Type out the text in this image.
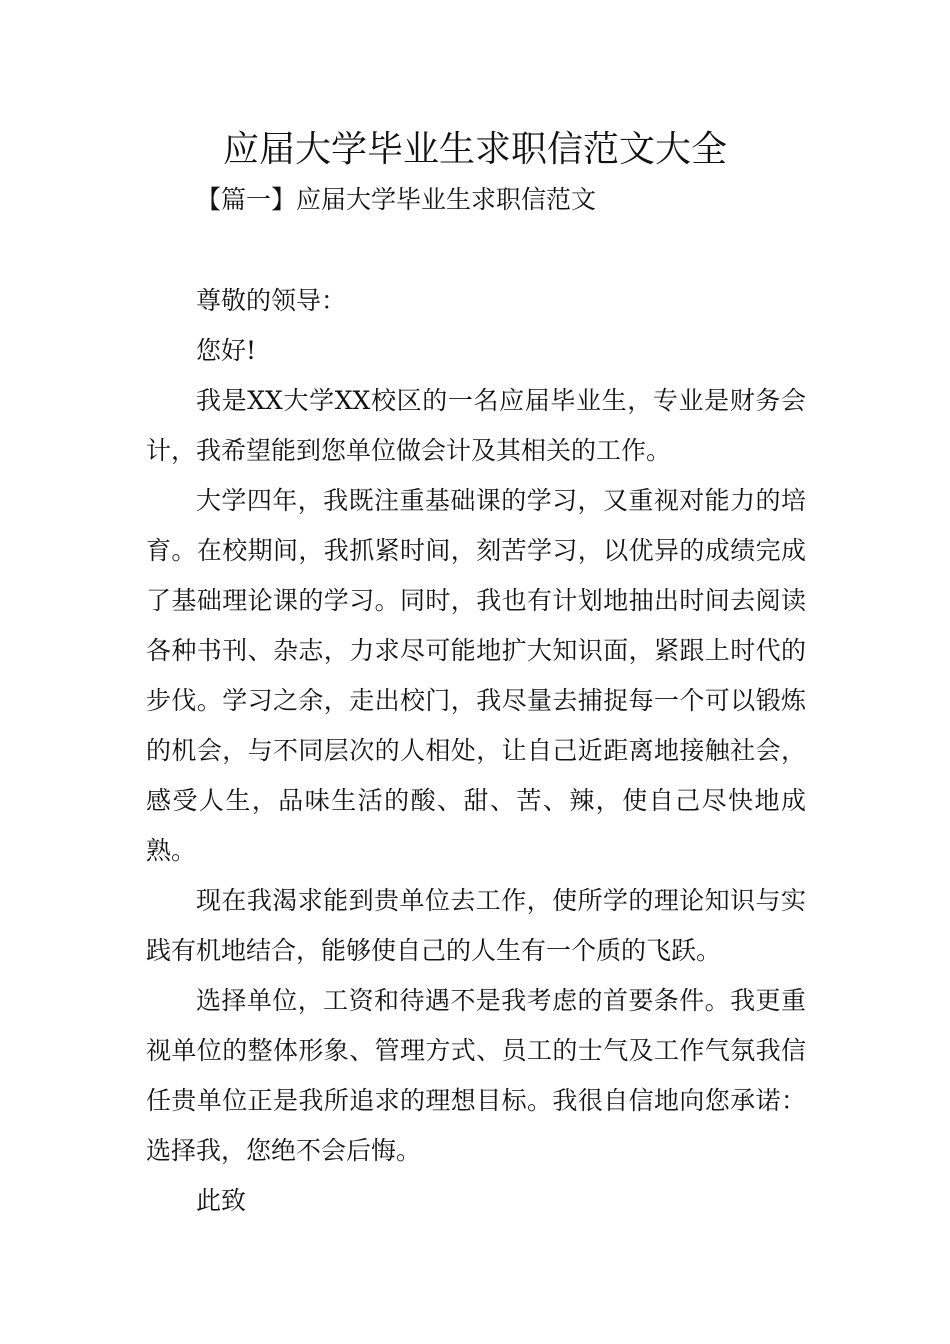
应届大学毕业生求职信范文大全

【篇一】应届大学毕业生求职信范文

尊敬的领导：

您好!

我是XX大学XX校区的一名应届毕业生，专业是财务会计，我希望能到您单位做会计及其相关的工作。

大学四年，我既注重基础课的学习，又重视对能力的培育。在校期间，我抓紧时间，刻苦学习，以优异的成绩完成了基础理论课的学习。同时，我也有计划地抽出时间去阅读各种书刊、杂志，力求尽可能地扩大知识面，紧跟上时代的步伐。学习之余，走出校门，我尽量去捕捉每一个可以锻炼的机会，与不同层次的人相处，让自己近距离地接触社会，感受人生，品味生活的酸、甜、苦、辣，使自己尽快地成熟。

现在我渴求能到贵单位去工作，使所学的理论知识与实践有机地结合，能够使自己的人生有一个质的飞跃。

选择单位，工资和待遇不是我考虑的首要条件。我更重视单位的整体形象、管理方式、员工的士气及工作气氛我信任贵单位正是我所追求的理想目标。我很自信地向您承诺：选择我，您绝不会后悔。

此致
